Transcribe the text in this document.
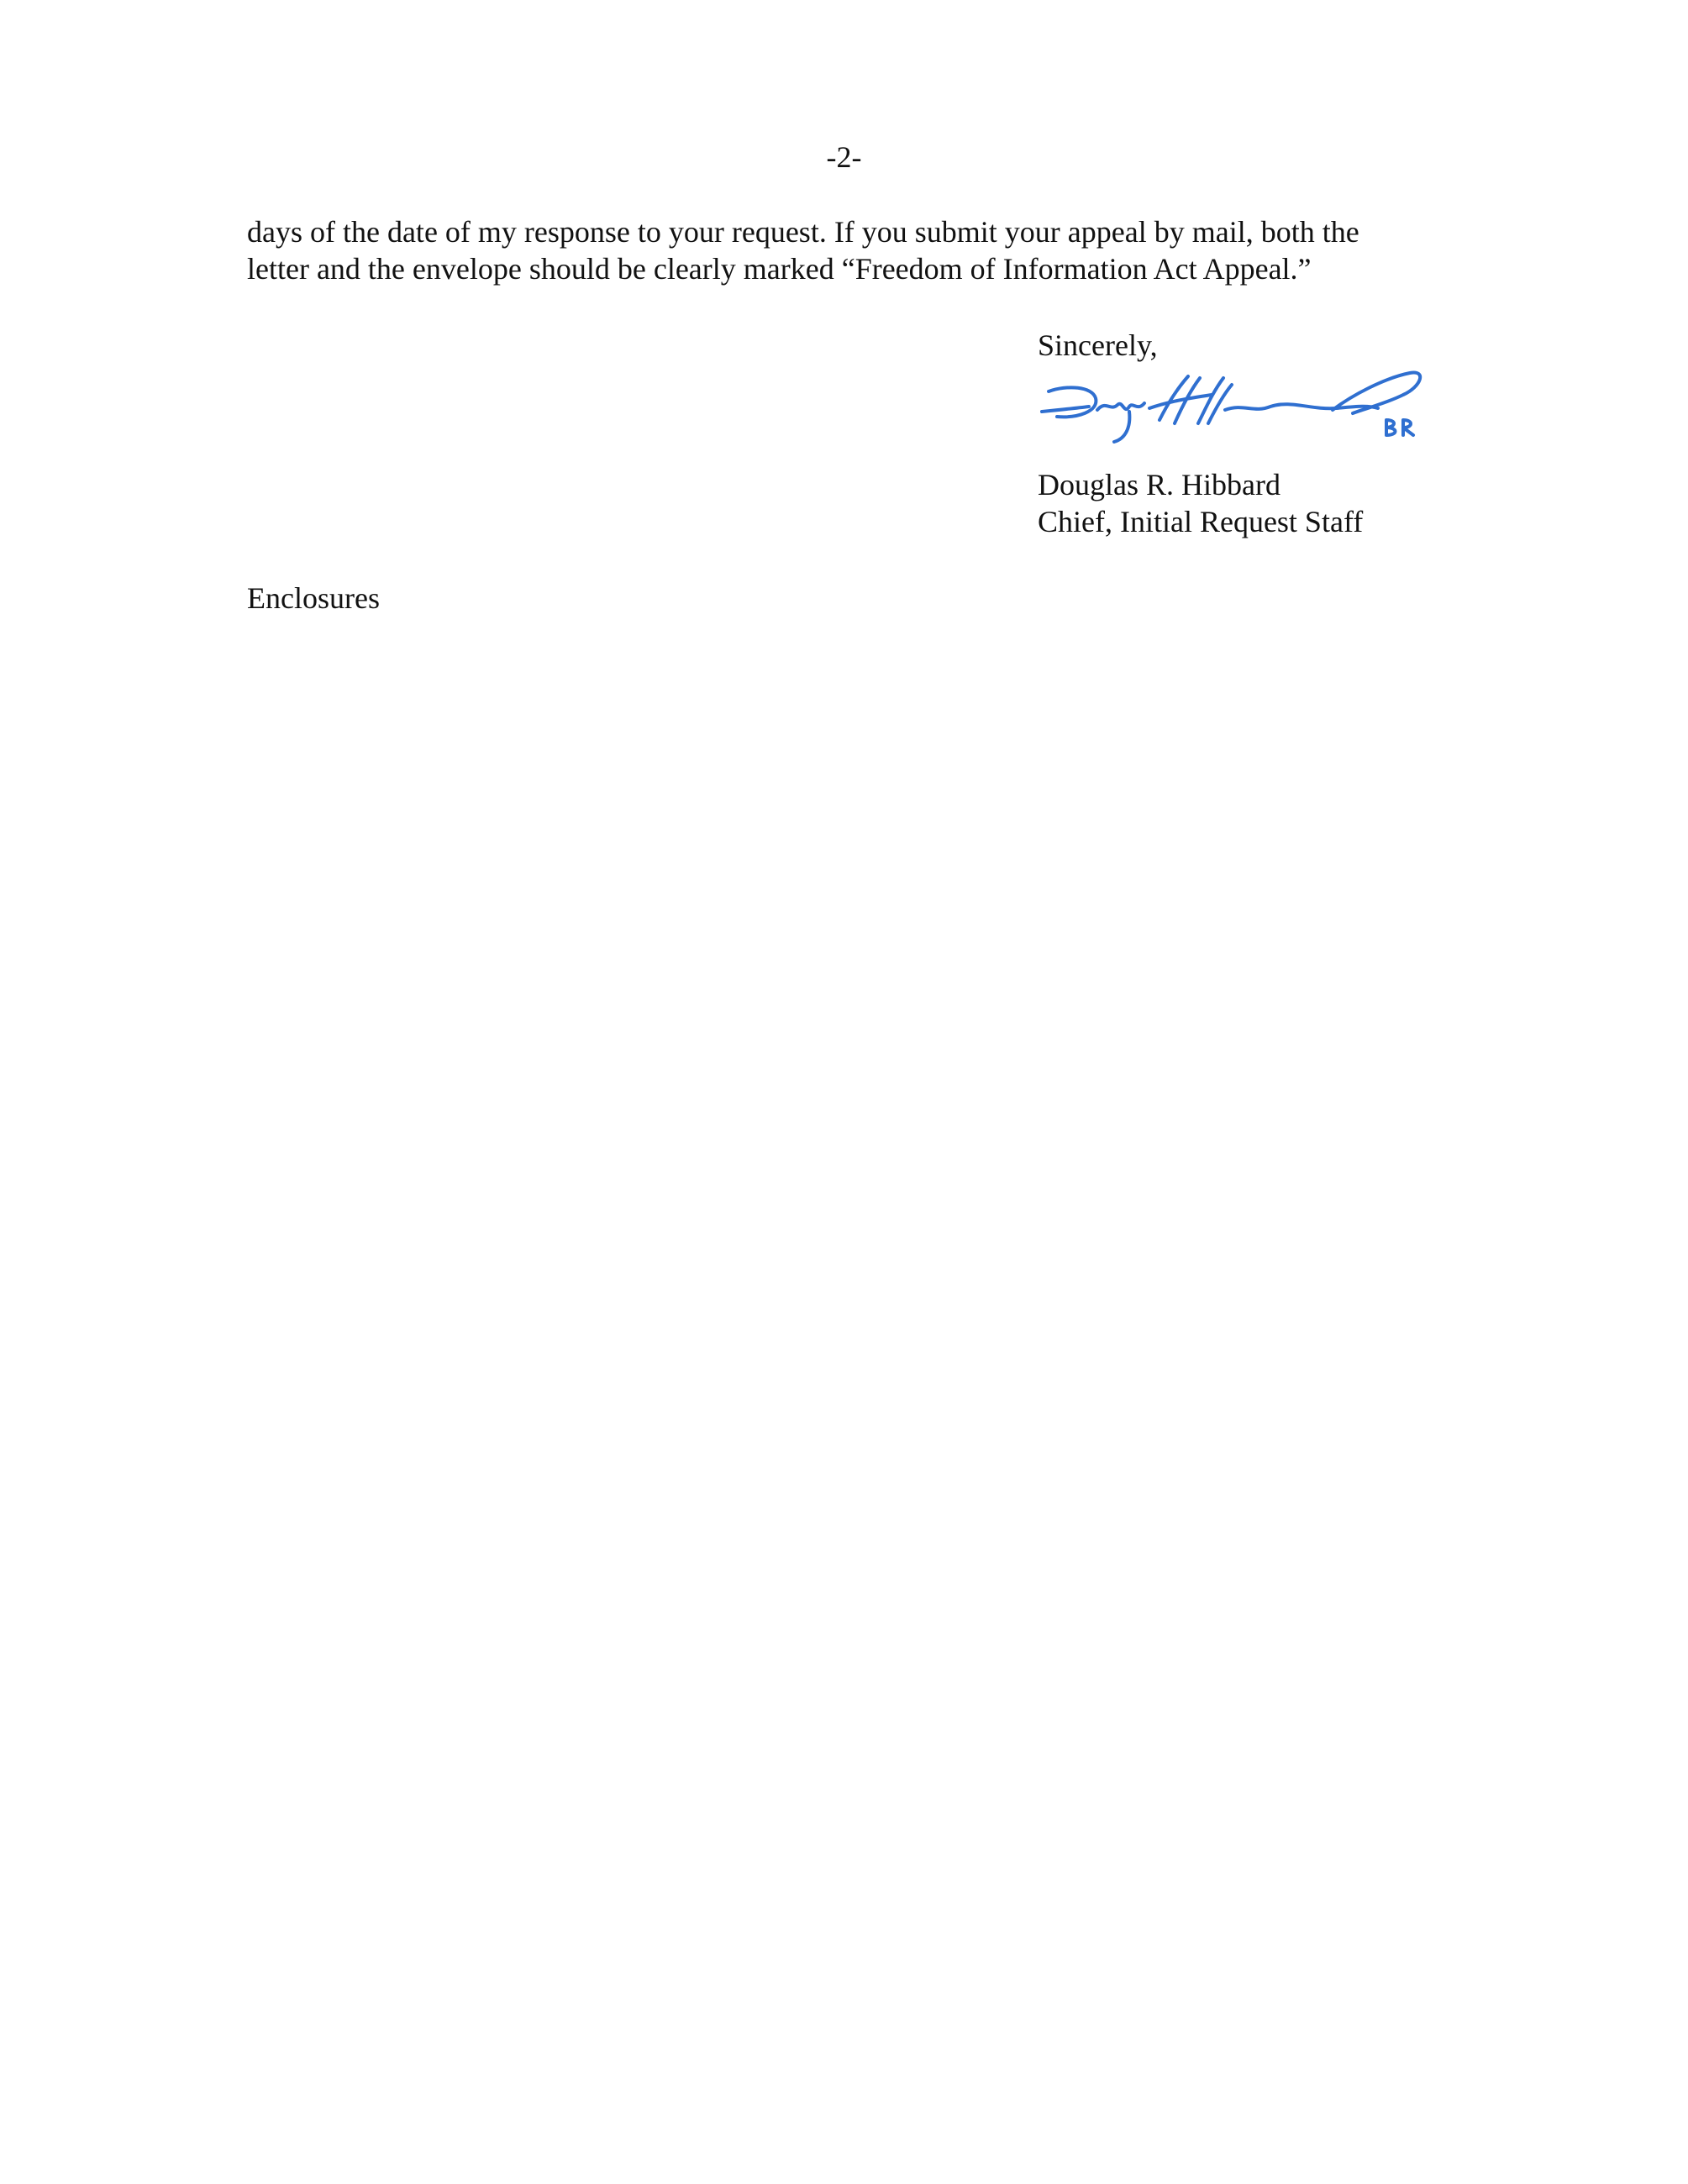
-2-
days of the date of my response to your request. If you submit your appeal by mail, both the
letter and the envelope should be clearly marked “Freedom of Information Act Appeal.”
Sincerely,
Douglas R. Hibbard
Chief, Initial Request Staff
Enclosures
